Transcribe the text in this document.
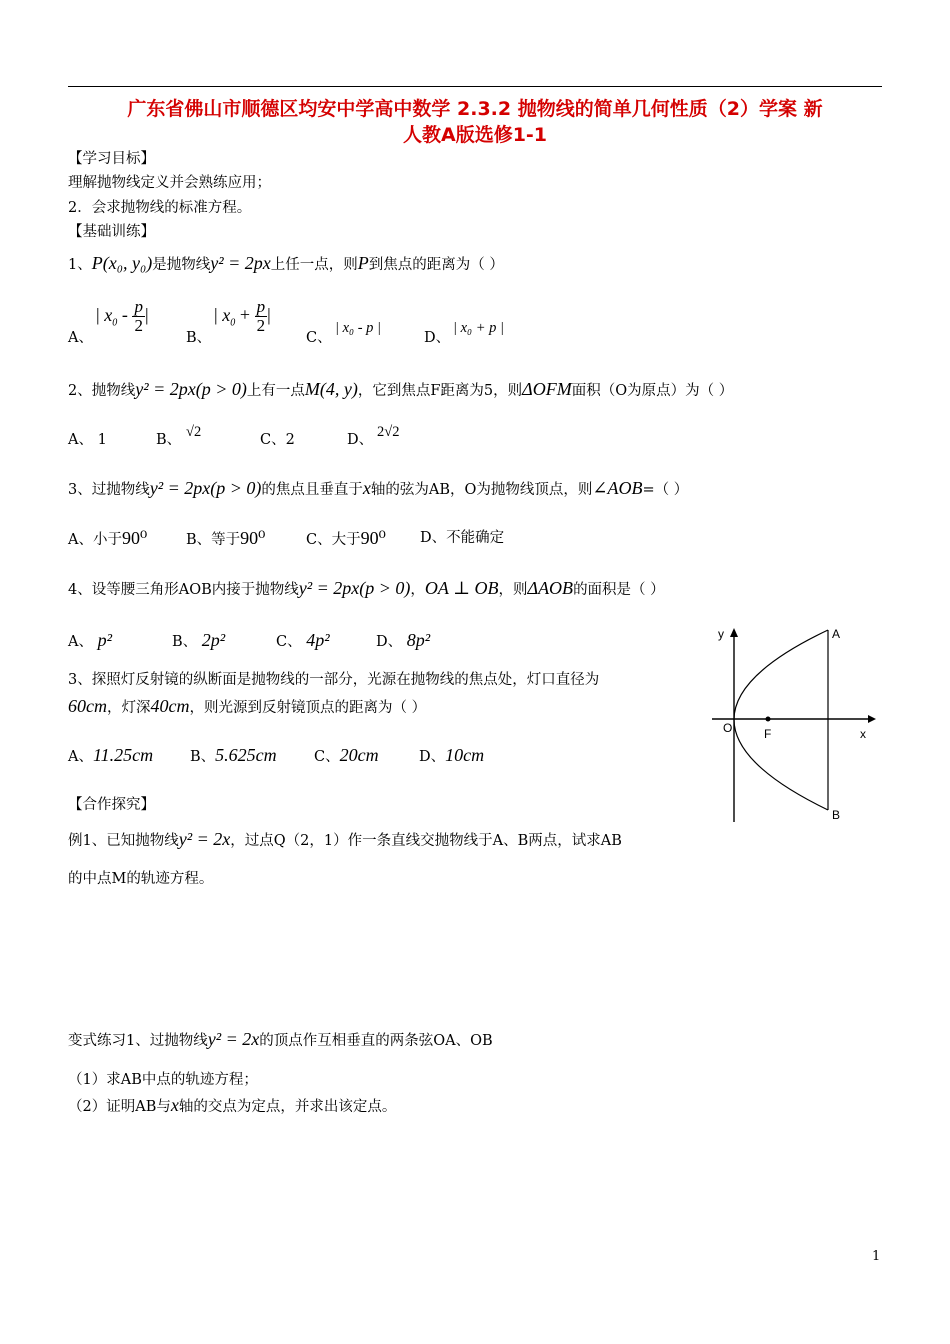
广东省佛山市顺德区均安中学高中数学 2.3.2 抛物线的简单几何性质（2）学案 新
人教A版选修1-1
【学习目标】
理解抛物线定义并会熟练应用；
2．会求抛物线的标准方程。
【基础训练】
1、P(x₀, y₀)是抛物线y² = 2px上任一点，则P到焦点的距离为（ ）
A、
| $x_0 - \frac{p}{2}$ |
B、
| $x_0 + \frac{p}{2}$ |
C、
| x₀ - p |
D、
| x₀ + p |
2、抛物线y² = 2px(p > 0)上有一点M(4, y)，它到焦点F距离为5，则ΔOFM面积（O为原点）为（ ）
A、 1	B、 √2	C、2	D、 2√2
3、过抛物线y² = 2px(p > 0)的焦点且垂直于x轴的弦为AB，O为抛物线顶点，则∠AOB=（ ）
A、小于90⁰	B、等于90⁰	C、大于90⁰ D、不能确定
4、设等腰三角形AOB内接于抛物线y² = 2px(p > 0)，OA ⊥ OB，则ΔAOB的面积是（ ）
A、 p²	B、 2p²	C、 4p²	D、 8p²
3、探照灯反射镜的纵断面是抛物线的一部分，光源在抛物线的焦点处，灯口直径为
60cm，灯深40cm，则光源到反射镜顶点的距离为（ ）
A、11.25cm	B、5.625cm	C、20cm	D、10cm
y
x
O	F
A
B
【合作探究】
例1、已知抛物线y² = 2x，过点Q（2，1）作一条直线交抛物线于A、B两点，试求AB
的中点M的轨迹方程。
变式练习1、过抛物线y² = 2x的顶点作互相垂直的两条弦OA、OB
（1）求AB中点的轨迹方程；
（2）证明AB与x轴的交点为定点，并求出该定点。
1
